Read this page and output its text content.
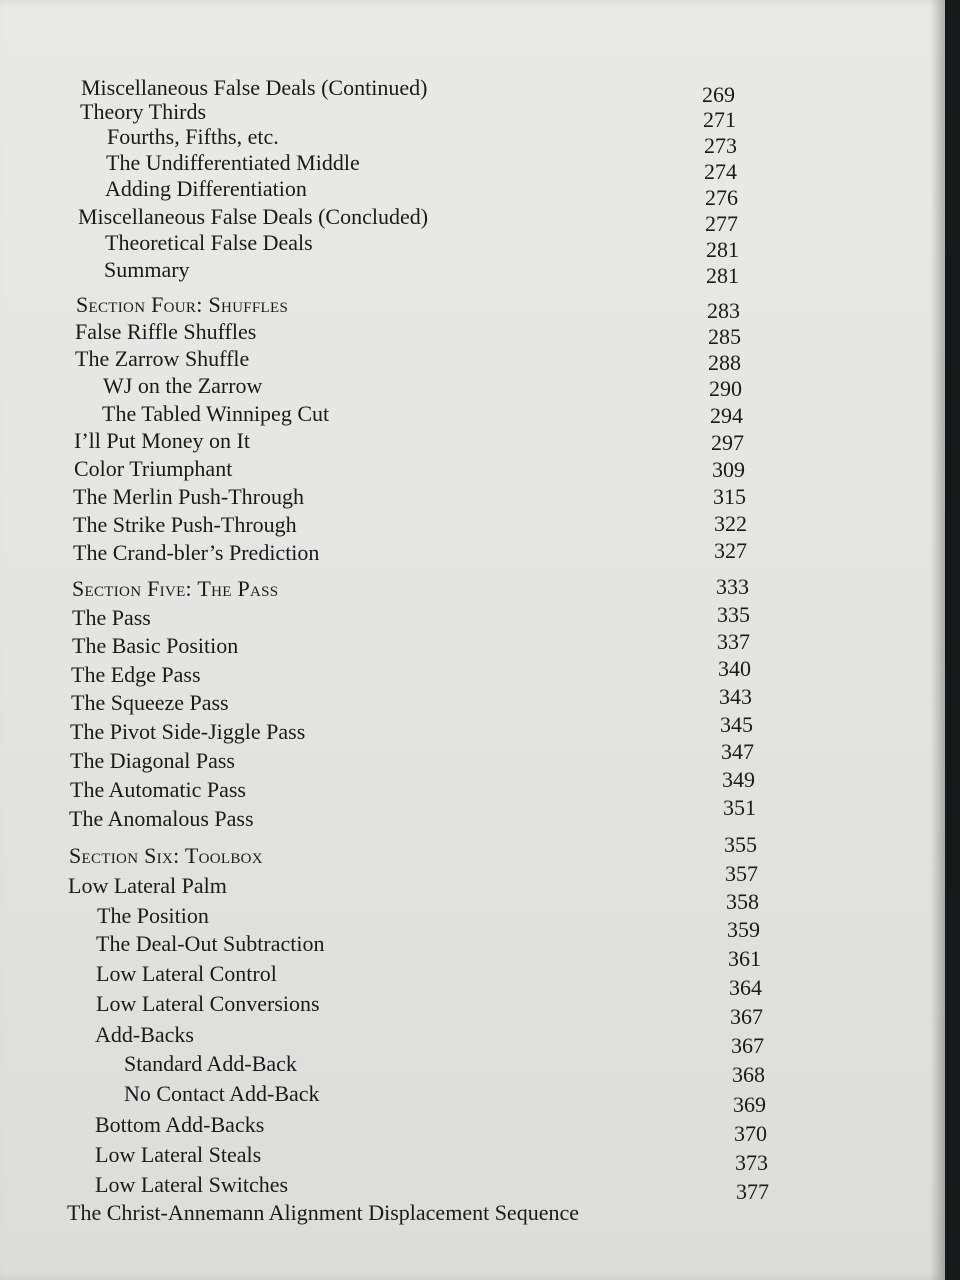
Miscellaneous False Deals (Continued)
Theory Thirds
Fourths, Fifths, etc.
The Undifferentiated Middle
Adding Differentiation
Miscellaneous False Deals (Concluded)
Theoretical False Deals
Summary
Section Four: Shuffles
False Riffle Shuffles
The Zarrow Shuffle
WJ on the Zarrow
The Tabled Winnipeg Cut
I’ll Put Money on It
Color Triumphant
The Merlin Push-Through
The Strike Push-Through
The Crand-bler’s Prediction
Section Five: The Pass
The Pass
The Basic Position
The Edge Pass
The Squeeze Pass
The Pivot Side-Jiggle Pass
The Diagonal Pass
The Automatic Pass
The Anomalous Pass
Section Six: Toolbox
Low Lateral Palm
The Position
The Deal-Out Subtraction
Low Lateral Control
Low Lateral Conversions
Add-Backs
Standard Add-Back
No Contact Add-Back
Bottom Add-Backs
Low Lateral Steals
Low Lateral Switches
The Christ-Annemann Alignment Displacement Sequence
269
271
273
274
276
277
281
281
283
285
288
290
294
297
309
315
322
327
333
335
337
340
343
345
347
349
351
355
357
358
359
361
364
367
367
368
369
370
373
377
